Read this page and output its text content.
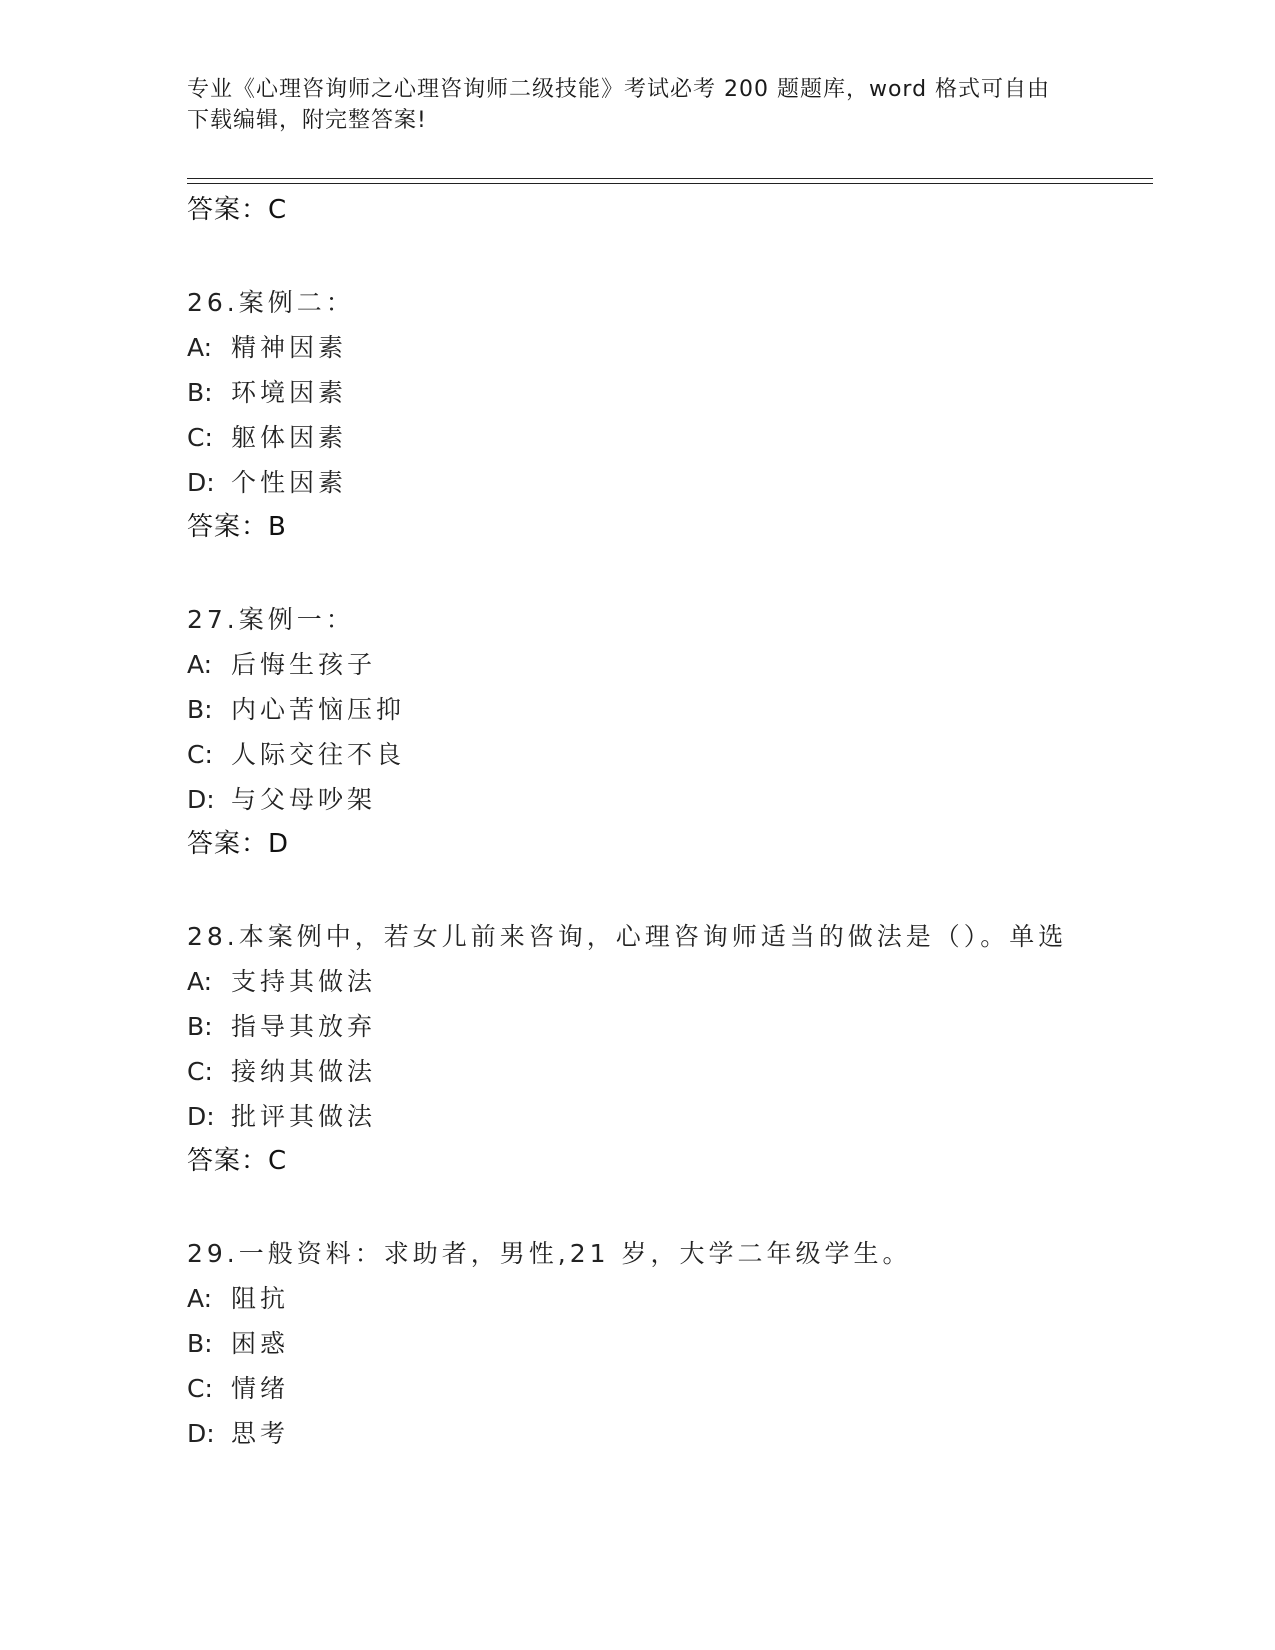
专业《心理咨询师之心理咨询师二级技能》考试必考 200 题题库，word 格式可自由下载编辑，附完整答案!
答案：C
26.案例二：
A: 精神因素
B: 环境因素
C: 躯体因素
D: 个性因素
答案：B
27.案例一：
A: 后悔生孩子
B: 内心苦恼压抑
C: 人际交往不良
D: 与父母吵架
答案：D
28.本案例中，若女儿前来咨询，心理咨询师适当的做法是（）。单选
A: 支持其做法
B: 指导其放弃
C: 接纳其做法
D: 批评其做法
答案：C
29.一般资料：求助者，男性,21 岁，大学二年级学生。
A: 阻抗
B: 困惑
C: 情绪
D: 思考
